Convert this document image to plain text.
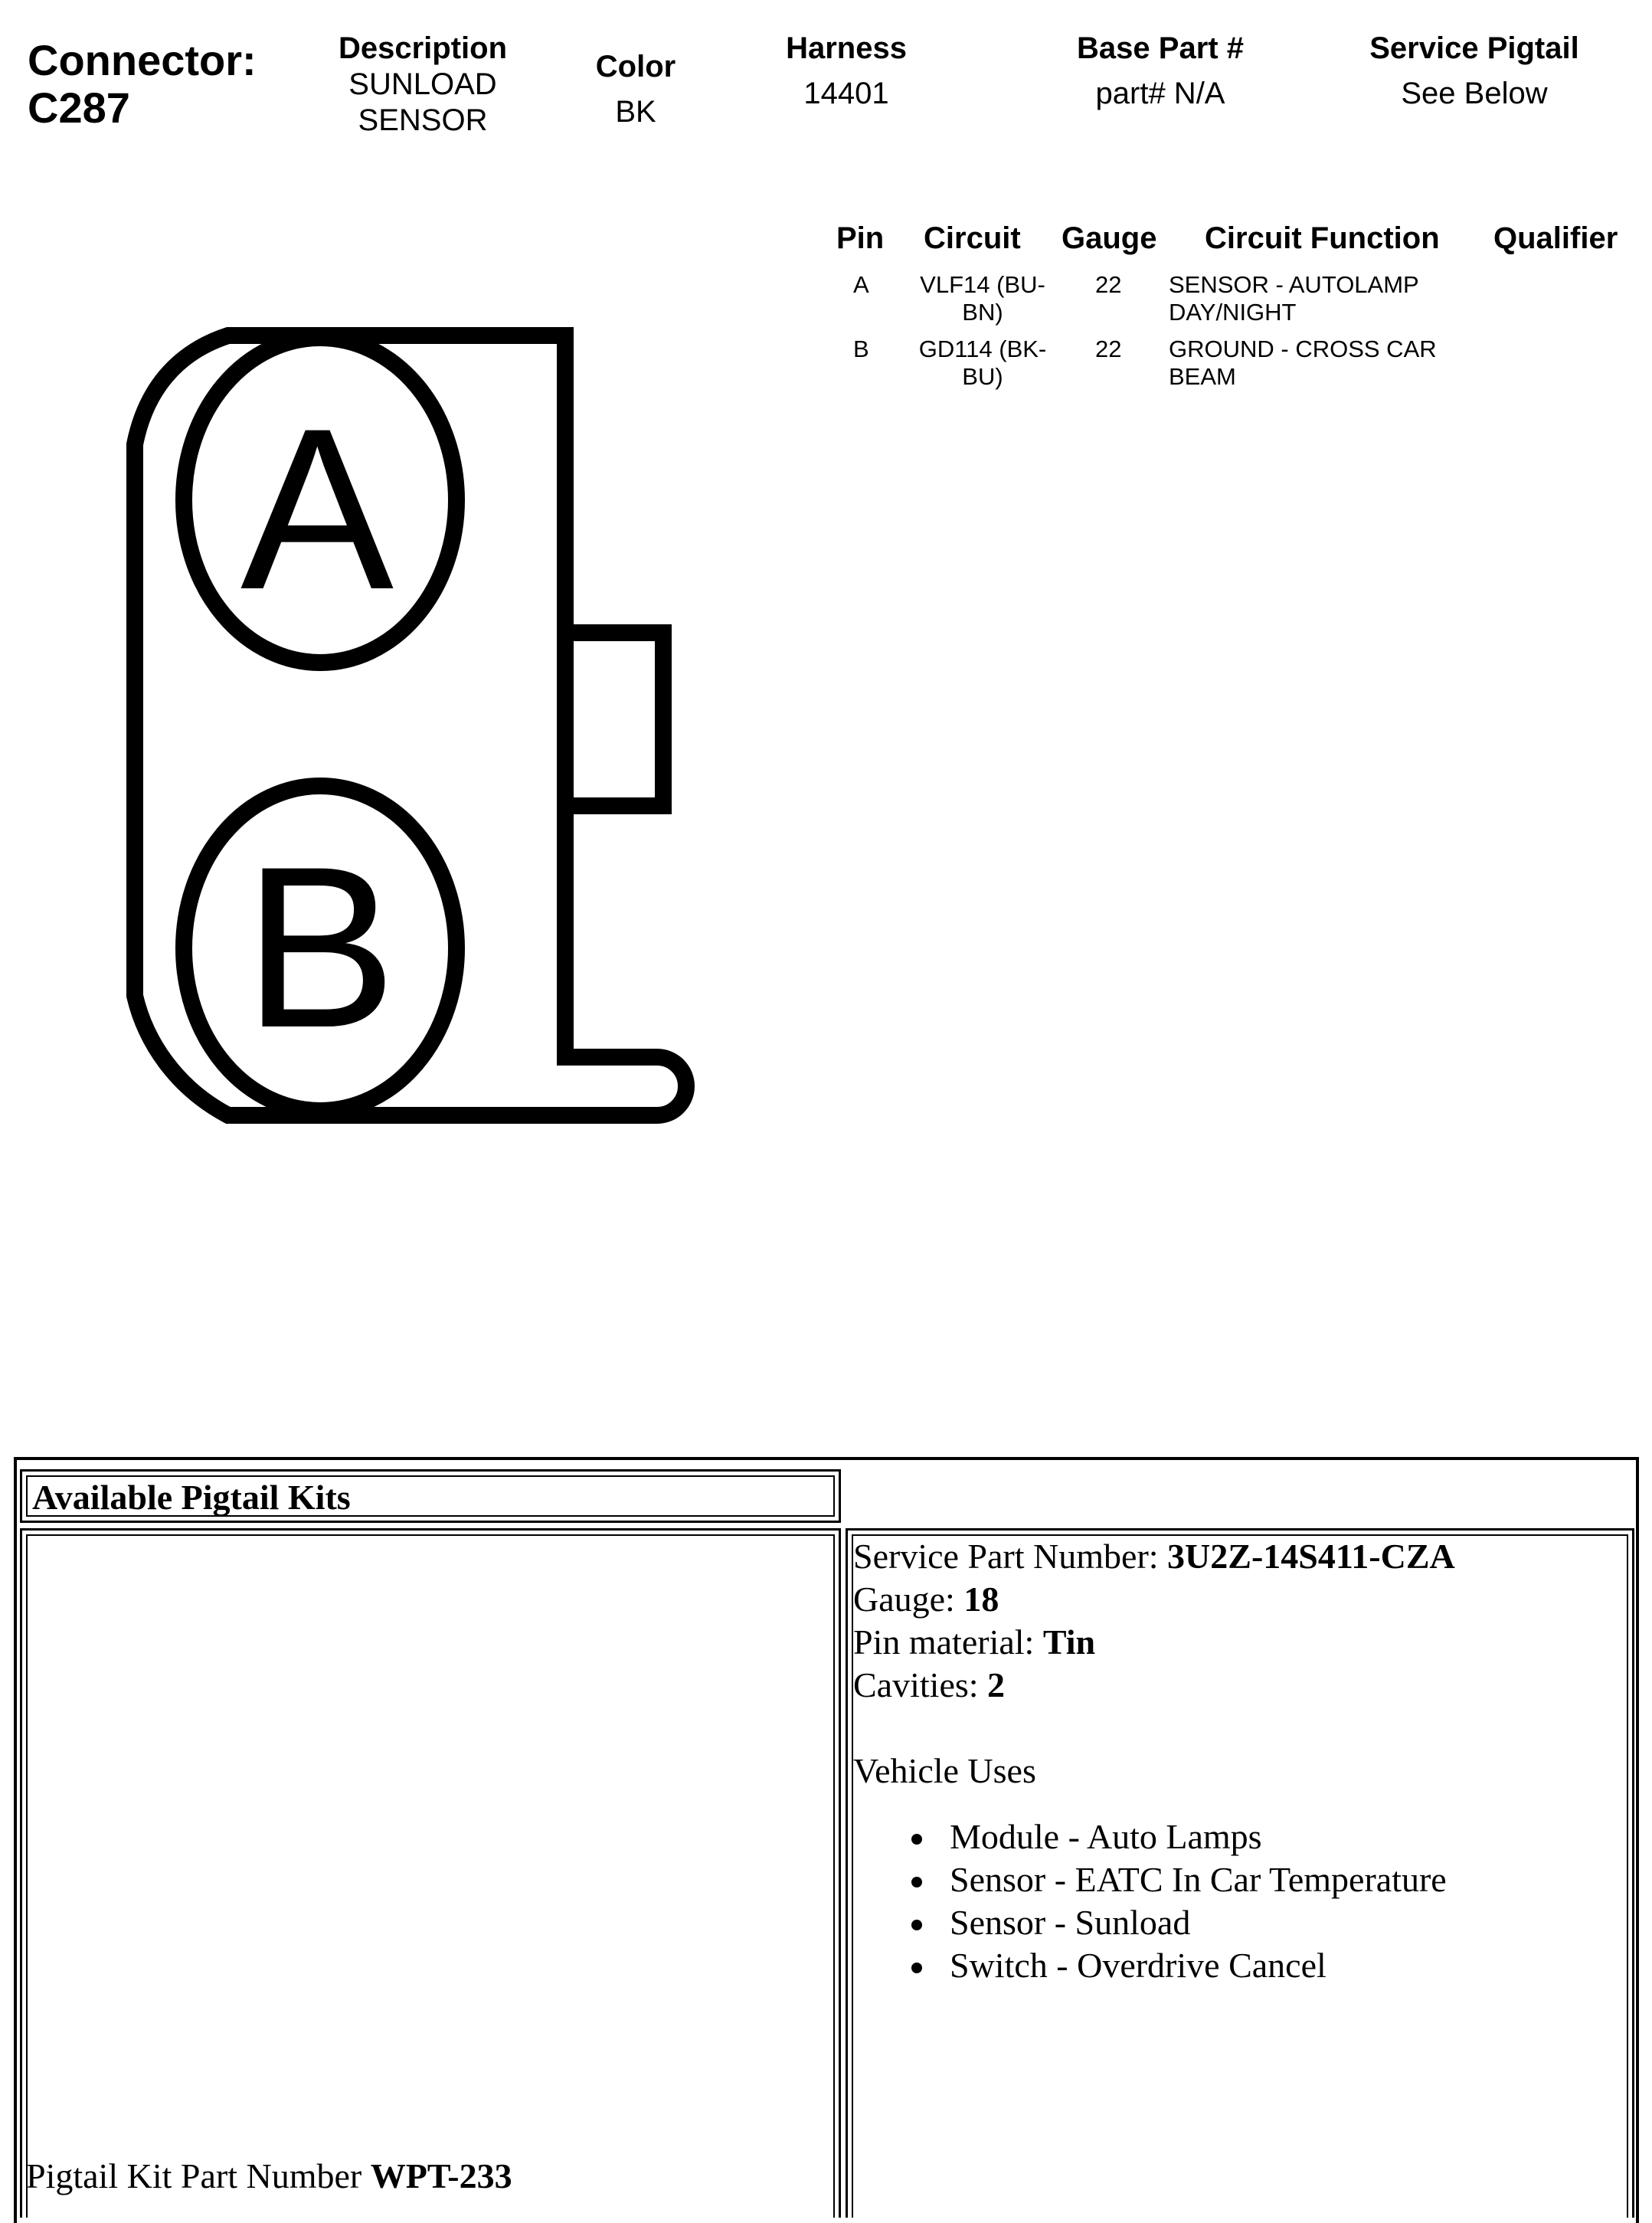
Connector:
C287
Description
SUNLOAD
SENSOR
Color
BK
Harness
14401
Base Part #
part# N/A
Service Pigtail
See Below
Pin Circuit Gauge Circuit Function Qualifier
A	VLF14 (BU-
BN)
22 SENSOR - AUTOLAMP
DAY/NIGHT
B	GD114 (BK-
BU)
22 GROUND - CROSS CAR
BEAM
A
B
Available Pigtail Kits
Pigtail Kit Part Number WPT-233
Service Part Number: 3U2Z-14S411-CZA
Gauge: 18
Pin material: Tin
Cavities: 2
Vehicle Uses
Module - Auto Lamps
Sensor - EATC In Car Temperature
Sensor - Sunload
Switch - Overdrive Cancel
